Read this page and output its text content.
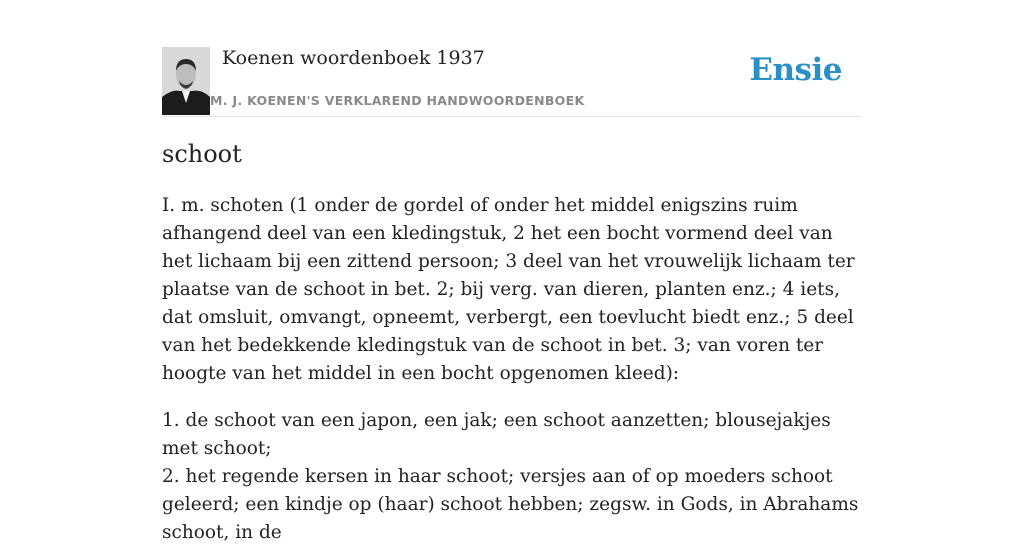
Koenen woordenboek 1937
M. J. KOENEN'S VERKLAREND HANDWOORDENBOEK
Ensie
schoot

I. m. schoten (1 onder de gordel of onder het middel enigszins ruim afhangend deel van een kledingstuk, 2 het een bocht vormend deel van het lichaam bij een zittend persoon; 3 deel van het vrouwelijk lichaam ter plaatse van de schoot in bet. 2; bij verg. van dieren, planten enz.; 4 iets, dat omsluit, omvangt, opneemt, verbergt, een toevlucht biedt enz.; 5 deel van het bedekkende kledingstuk van de schoot in bet. 3; van voren ter hoogte van het middel in een bocht opgenomen kleed):

1. de schoot van een japon, een jak; een schoot aanzetten; blousejakjes met schoot;
2. het regende kersen in haar schoot; versjes aan of op moeders schoot geleerd; een kindje op (haar) schoot hebben; zegsw. in Gods, in Abrahams schoot, in de
